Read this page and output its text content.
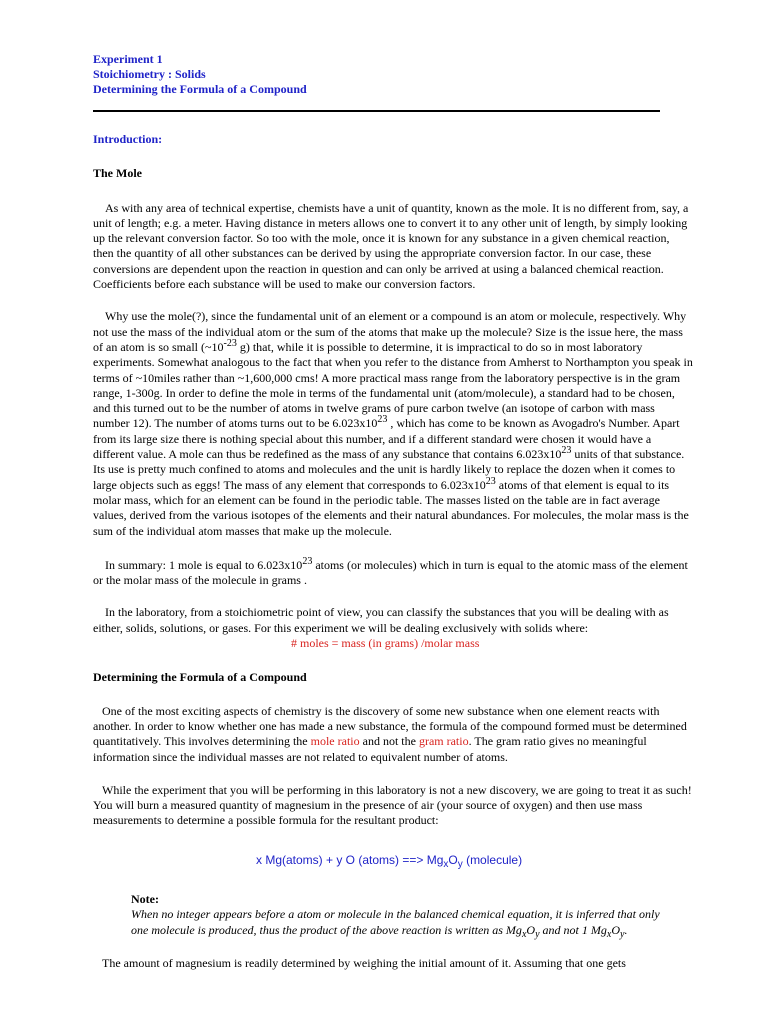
Experiment 1
Stoichiometry : Solids
Determining the Formula of a Compound
Introduction:
The Mole

As with any area of technical expertise, chemists have a unit of quantity, known as the mole. It is no different from, say, a unit of length; e.g. a meter. Having distance in meters allows one to convert it to any other unit of length, by simply looking up the relevant conversion factor. So too with the mole, once it is known for any substance in a given chemical reaction, then the quantity of all other substances can be derived by using the appropriate conversion factor. In our case, these conversions are dependent upon the reaction in question and can only be arrived at using a balanced chemical reaction. Coefficients before each substance will be used to make our conversion factors.

Why use the mole(?), since the fundamental unit of an element or a compound is an atom or molecule, respectively. Why not use the mass of the individual atom or the sum of the atoms that make up the molecule? Size is the issue here, the mass of an atom is so small ($\sim 10^{-23}$ g) that, while it is possible to determine, it is impractical to do so in most laboratory experiments. Somewhat analogous to the fact that when you refer to the distance from Amherst to Northampton you speak in terms of ~10miles rather than ~1,600,000 cms! A more practical mass range from the laboratory perspective is in the gram range, 1-300g. In order to define the mole in terms of the fundamental unit (atom/molecule), a standard had to be chosen, and this turned out to be the number of atoms in twelve grams of pure carbon twelve (an isotope of carbon with mass number 12). The number of atoms turns out to be $6.023x10^{23}$ , which has come to be known as Avogadro's Number. Apart from its large size there is nothing special about this number, and if a different standard were chosen it would have a different value. A mole can thus be redefined as the mass of any substance that contains $6.023x10^{23}$ units of that substance. Its use is pretty much confined to atoms and molecules and the unit is hardly likely to replace the dozen when it comes to large objects such as eggs! The mass of any element that corresponds to $6.023x10^{23}$ atoms of that element is equal to its molar mass, which for an element can be found in the periodic table. The masses listed on the table are in fact average values, derived from the various isotopes of the elements and their natural abundances. For molecules, the molar mass is the sum of the individual atom masses that make up the molecule.

In summary: 1 mole is equal to $6.023x10^{23}$ atoms (or molecules) which in turn is equal to the atomic mass of the element or the molar mass of the molecule in grams .

In the laboratory, from a stoichiometric point of view, you can classify the substances that you will be dealing with as either, solids, solutions, or gases. For this experiment we will be dealing exclusively with solids where:

# moles = mass (in grams) /molar mass
Determining the Formula of a Compound

One of the most exciting aspects of chemistry is the discovery of some new substance when one element reacts with another. In order to know whether one has made a new substance, the formula of the compound formed must be determined quantitatively. This involves determining the mole ratio and not the gram ratio. The gram ratio gives no meaningful information since the individual masses are not related to equivalent number of atoms.

While the experiment that you will be performing in this laboratory is not a new discovery, we are going to treat it as such! You will burn a measured quantity of magnesium in the presence of air (your source of oxygen) and then use mass measurements to determine a possible formula for the resultant product:

x Mg(atoms) + y O (atoms) ==> $Mg_xO_y$ (molecule)
Note:
When no integer appears before a atom or molecule in the balanced chemical equation, it is inferred that only one molecule is produced, thus the product of the above reaction is written as $Mg_xO_y$ and not 1 $Mg_xO_y$.

The amount of magnesium is readily determined by weighing the initial amount of it. Assuming that one gets
